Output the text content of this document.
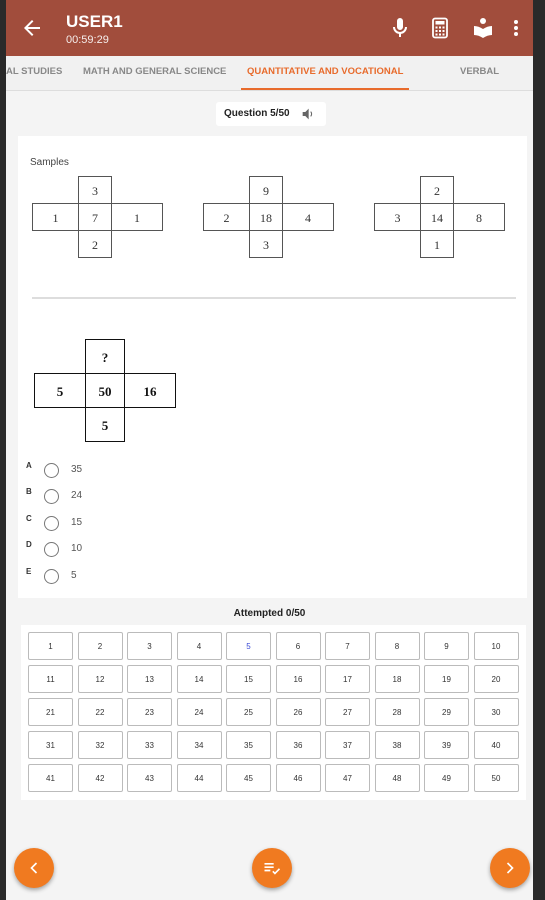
USER1
00:59:29
AL STUDIES MATH AND GENERAL SCIENCE	QUANTITATIVE AND VOCATIONAL	VERBAL
Question 5/50
Samples
3
1	7	1
2
9
2	18	4
3
2
3	14	8
1
?
5	50	16
5
A	35
B	24
C	15
D	10
E	5
Attempted 0/50
1	2	3	4	5	6	7	8	9	10
11	12	13	14	15	16	17	18	19	20
21	22	23	24	25	26	27	28	29	30
31	32	33	34	35	36	37	38	39	40
41	42	43	44	45	46	47	48	49	50
